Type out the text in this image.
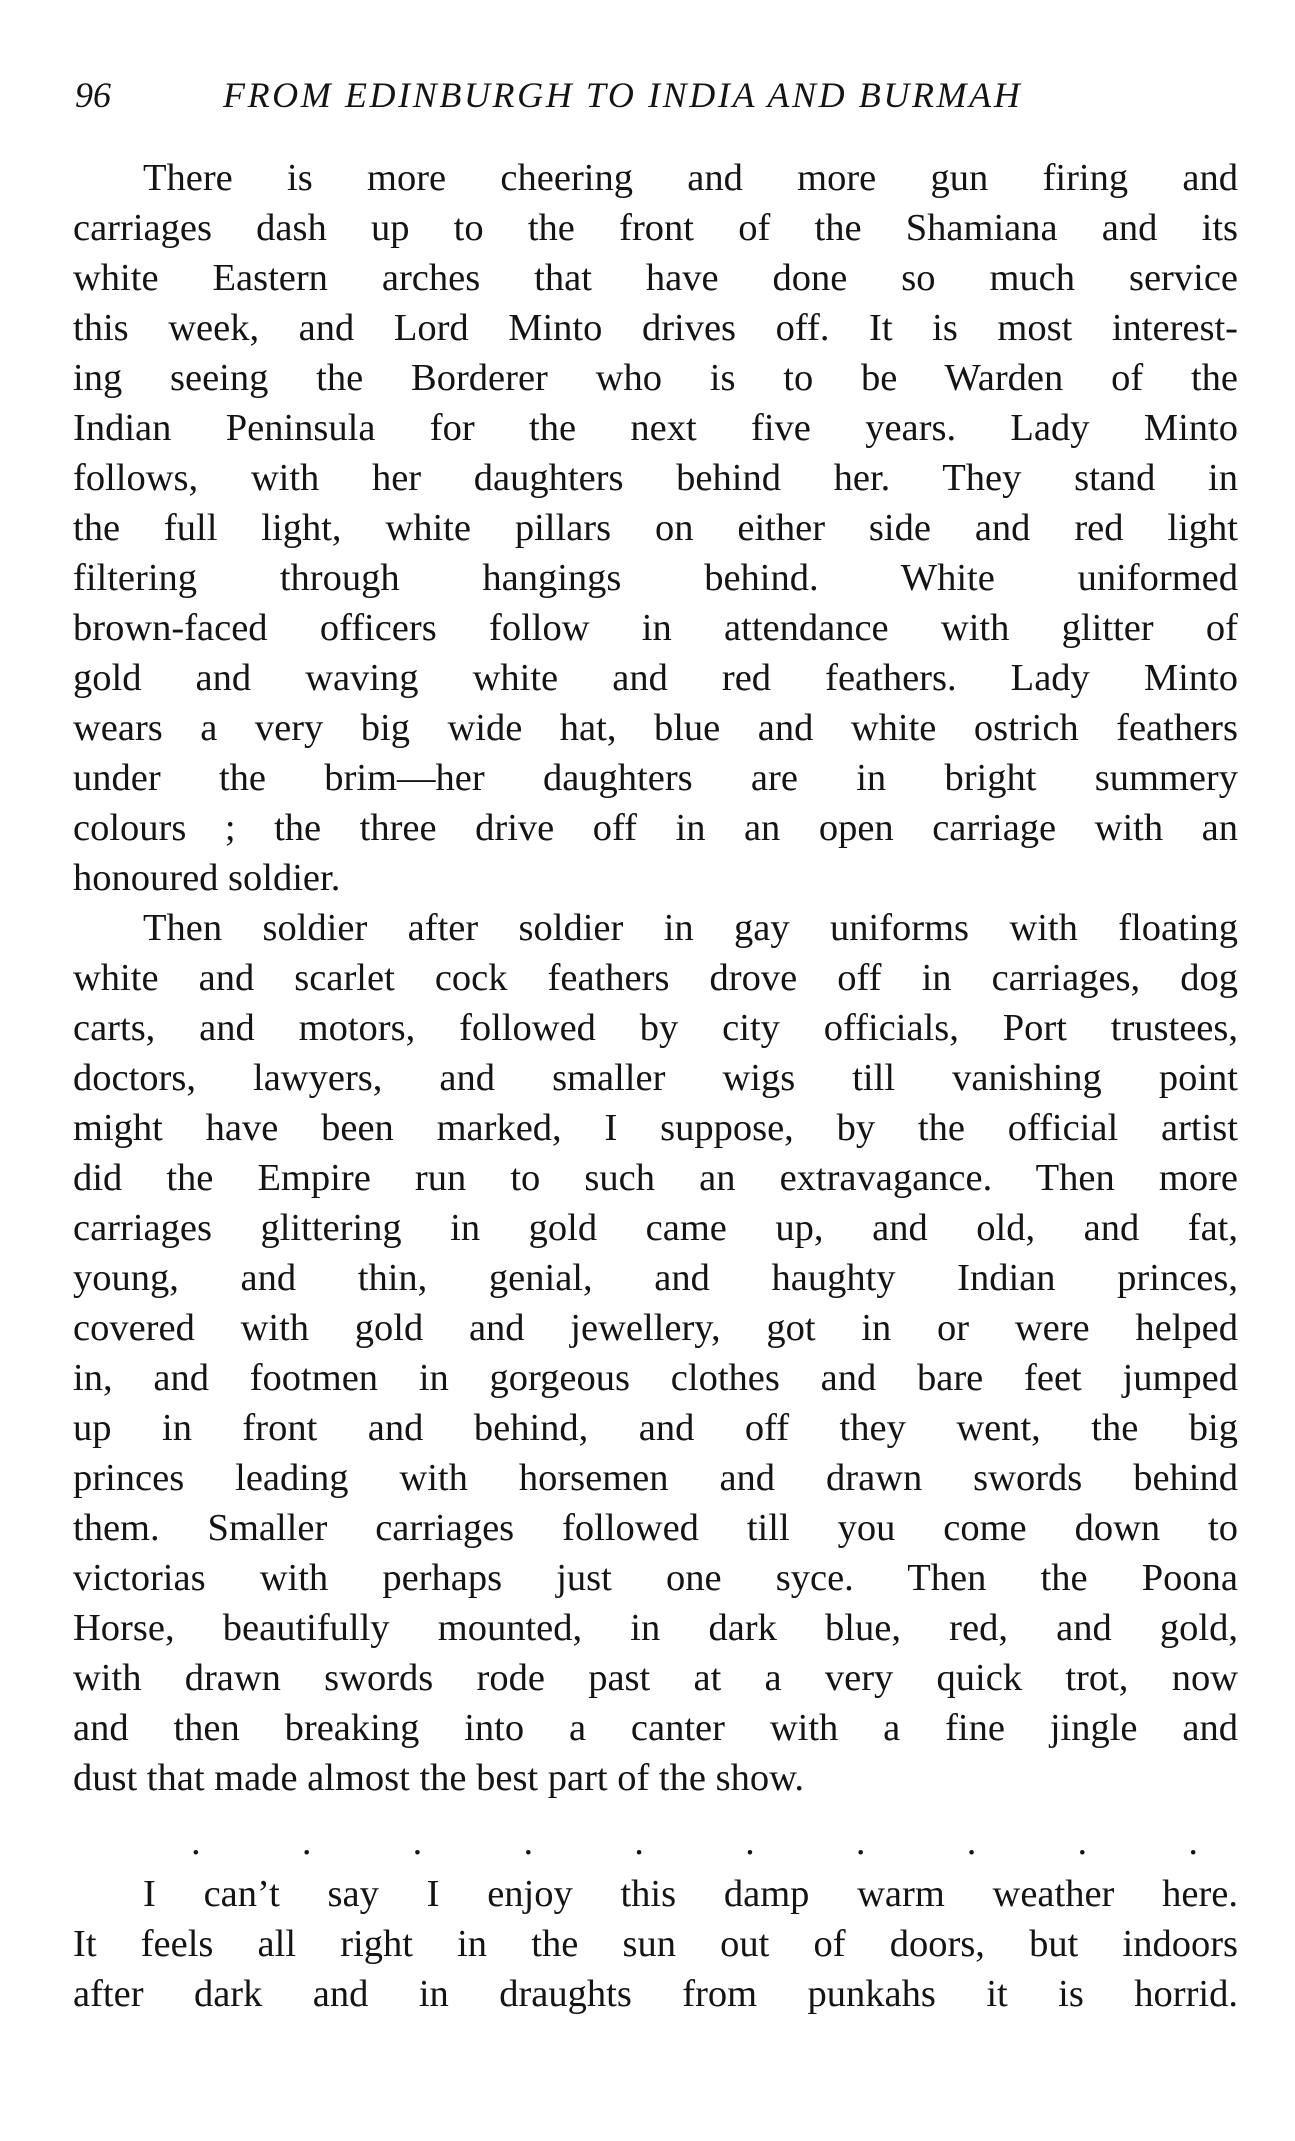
96	FROM EDINBURGH TO INDIA AND BURMAH
There is more cheering and more gun firing and
carriages dash up to the front of the Shamiana and its
white Eastern arches that have done so much service
this week, and Lord Minto drives off. It is most interest-
ing seeing the Borderer who is to be Warden of the
Indian Peninsula for the next five years. Lady Minto
follows, with her daughters behind her. They stand in
the full light, white pillars on either side and red light
filtering through hangings behind. White uniformed
brown-faced officers follow in attendance with glitter of
gold and waving white and red feathers. Lady Minto
wears a very big wide hat, blue and white ostrich feathers
under the brim—her daughters are in bright summery
colours ; the three drive off in an open carriage with an
honoured soldier.
Then soldier after soldier in gay uniforms with floating
white and scarlet cock feathers drove off in carriages, dog
carts, and motors, followed by city officials, Port trustees,
doctors, lawyers, and smaller wigs till vanishing point
might have been marked, I suppose, by the official artist
did the Empire run to such an extravagance. Then more
carriages glittering in gold came up, and old, and fat,
young, and thin, genial, and haughty Indian princes,
covered with gold and jewellery, got in or were helped
in, and footmen in gorgeous clothes and bare feet jumped
up in front and behind, and off they went, the big
princes leading with horsemen and drawn swords behind
them. Smaller carriages followed till you come down to
victorias with perhaps just one syce. Then the Poona
Horse, beautifully mounted, in dark blue, red, and gold,
with drawn swords rode past at a very quick trot, now
and then breaking into a canter with a fine jingle and
dust that made almost the best part of the show.
.	.	.	.	.	.	.	.	.	.
I can’t say I enjoy this damp warm weather here.
It feels all right in the sun out of doors, but indoors
after dark and in draughts from punkahs it is horrid.
